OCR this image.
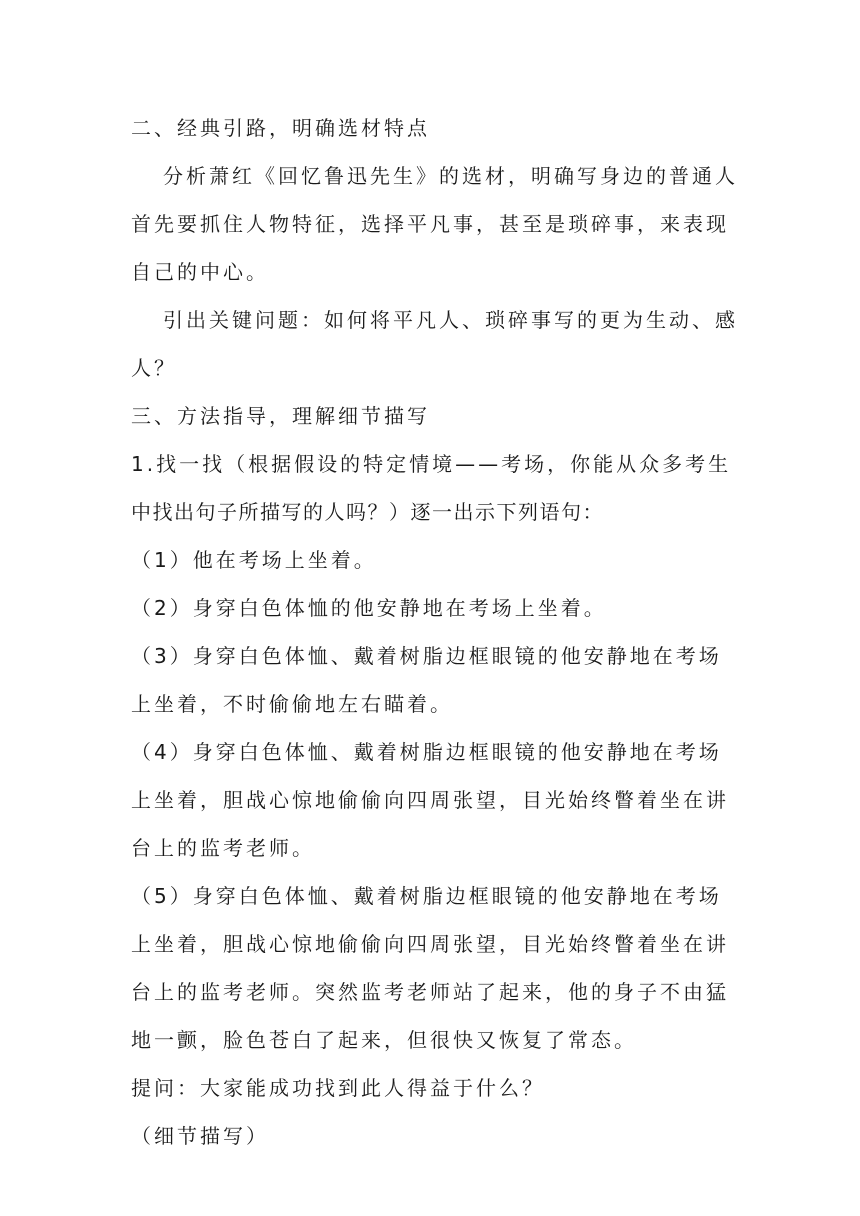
二、经典引路，明确选材特点
分析萧红《回忆鲁迅先生》的选材，明确写身边的普通人
首先要抓住人物特征，选择平凡事，甚至是琐碎事，来表现
自己的中心。
引出关键问题：如何将平凡人、琐碎事写的更为生动、感
人？
三、方法指导，理解细节描写
1.找一找（根据假设的特定情境——考场，你能从众多考生
中找出句子所描写的人吗？）逐一出示下列语句：
（1）他在考场上坐着。
（2）身穿白色体恤的他安静地在考场上坐着。
（3）身穿白色体恤、戴着树脂边框眼镜的他安静地在考场
上坐着，不时偷偷地左右瞄着。
（4）身穿白色体恤、戴着树脂边框眼镜的他安静地在考场
上坐着，胆战心惊地偷偷向四周张望，目光始终瞥着坐在讲
台上的监考老师。
（5）身穿白色体恤、戴着树脂边框眼镜的他安静地在考场
上坐着，胆战心惊地偷偷向四周张望，目光始终瞥着坐在讲
台上的监考老师。突然监考老师站了起来，他的身子不由猛
地一颤，脸色苍白了起来，但很快又恢复了常态。
提问：大家能成功找到此人得益于什么？
（细节描写）
